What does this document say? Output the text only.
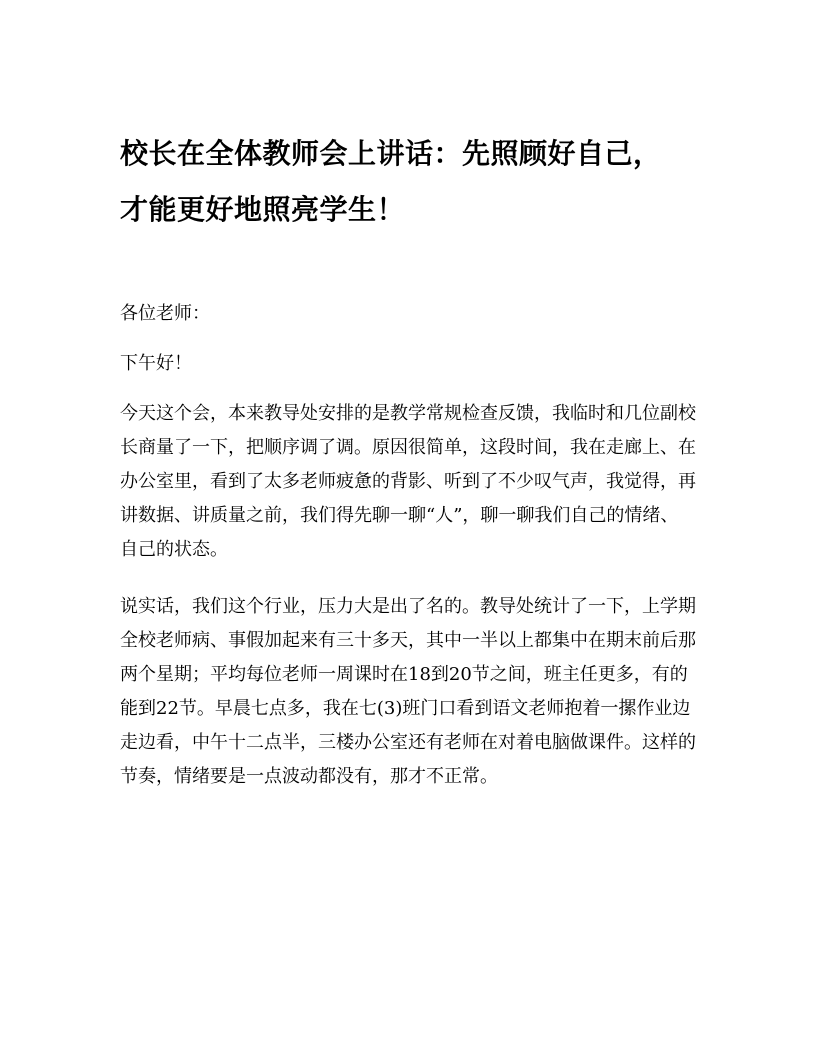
校长在全体教师会上讲话：先照顾好自己，
才能更好地照亮学生！

各位老师：

下午好！

今天这个会，本来教导处安排的是教学常规检查反馈，我临时和几位副校长商量了一下，把顺序调了调。原因很简单，这段时间，我在走廊上、在办公室里，看到了太多老师疲惫的背影、听到了不少叹气声，我觉得，再讲数据、讲质量之前，我们得先聊一聊“人”，聊一聊我们自己的情绪、自己的状态。

说实话，我们这个行业，压力大是出了名的。教导处统计了一下，上学期全校老师病、事假加起来有三十多天，其中一半以上都集中在期末前后那两个星期；平均每位老师一周课时在18到20节之间，班主任更多，有的能到22节。早晨七点多，我在七(3)班门口看到语文老师抱着一摞作业边走边看，中午十二点半，三楼办公室还有老师在对着电脑做课件。这样的节奏，情绪要是一点波动都没有，那才不正常。
